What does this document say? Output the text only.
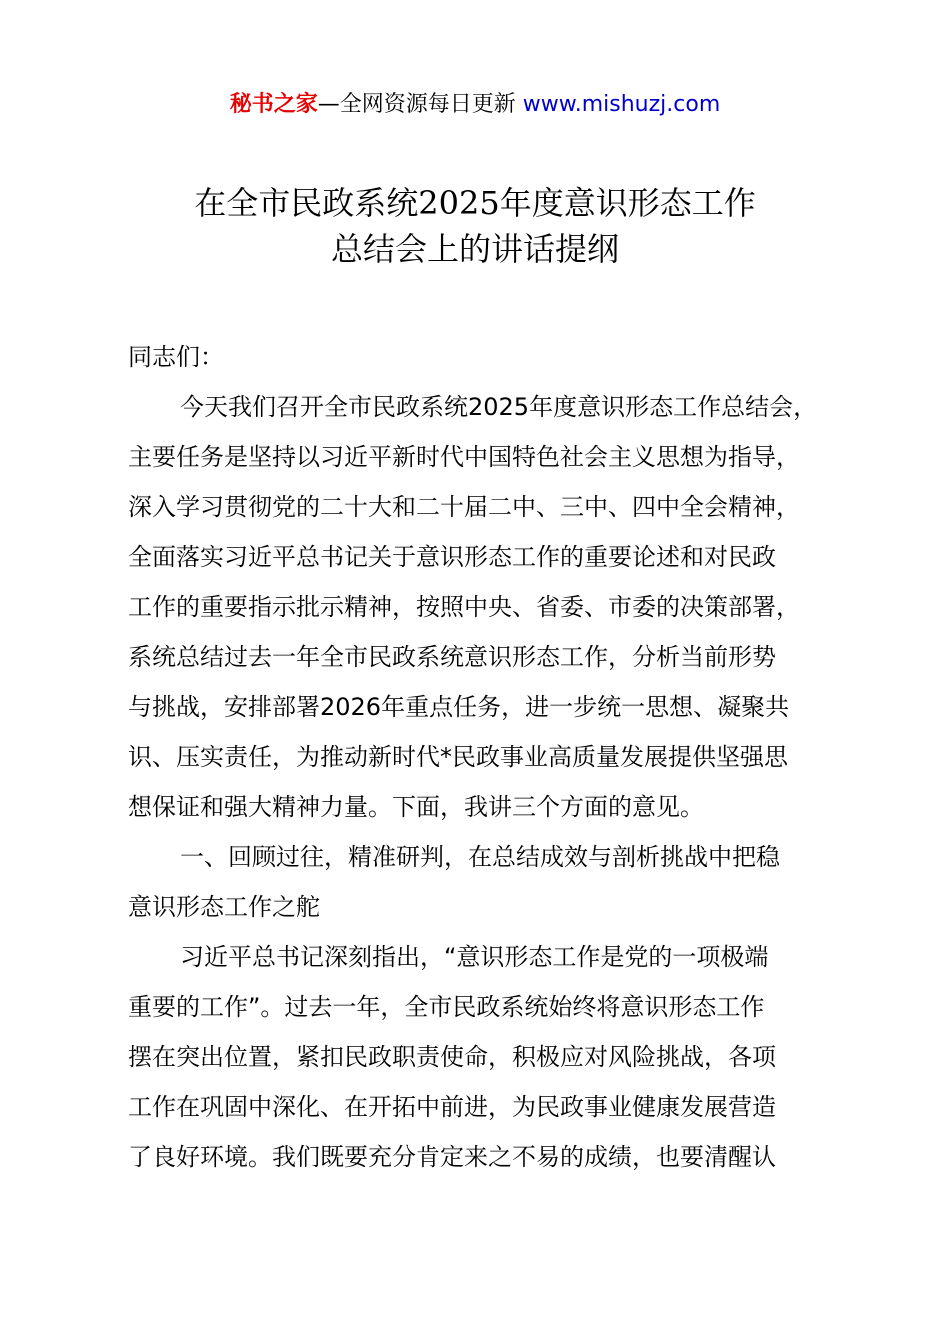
秘书之家—全网资源每日更新 www.mishuzj.com
在全市民政系统2025年度意识形态工作
总结会上的讲话提纲
同志们：
今天我们召开全市民政系统2025年度意识形态工作总结会，
主要任务是坚持以习近平新时代中国特色社会主义思想为指导，
深入学习贯彻党的二十大和二十届二中、三中、四中全会精神，
全面落实习近平总书记关于意识形态工作的重要论述和对民政
工作的重要指示批示精神，按照中央、省委、市委的决策部署，
系统总结过去一年全市民政系统意识形态工作，分析当前形势
与挑战，安排部署2026年重点任务，进一步统一思想、凝聚共
识、压实责任，为推动新时代*民政事业高质量发展提供坚强思
想保证和强大精神力量。下面，我讲三个方面的意见。
一、回顾过往，精准研判，在总结成效与剖析挑战中把稳
意识形态工作之舵
习近平总书记深刻指出，“意识形态工作是党的一项极端
重要的工作”。过去一年，全市民政系统始终将意识形态工作
摆在突出位置，紧扣民政职责使命，积极应对风险挑战，各项
工作在巩固中深化、在开拓中前进，为民政事业健康发展营造
了良好环境。我们既要充分肯定来之不易的成绩，也要清醒认
